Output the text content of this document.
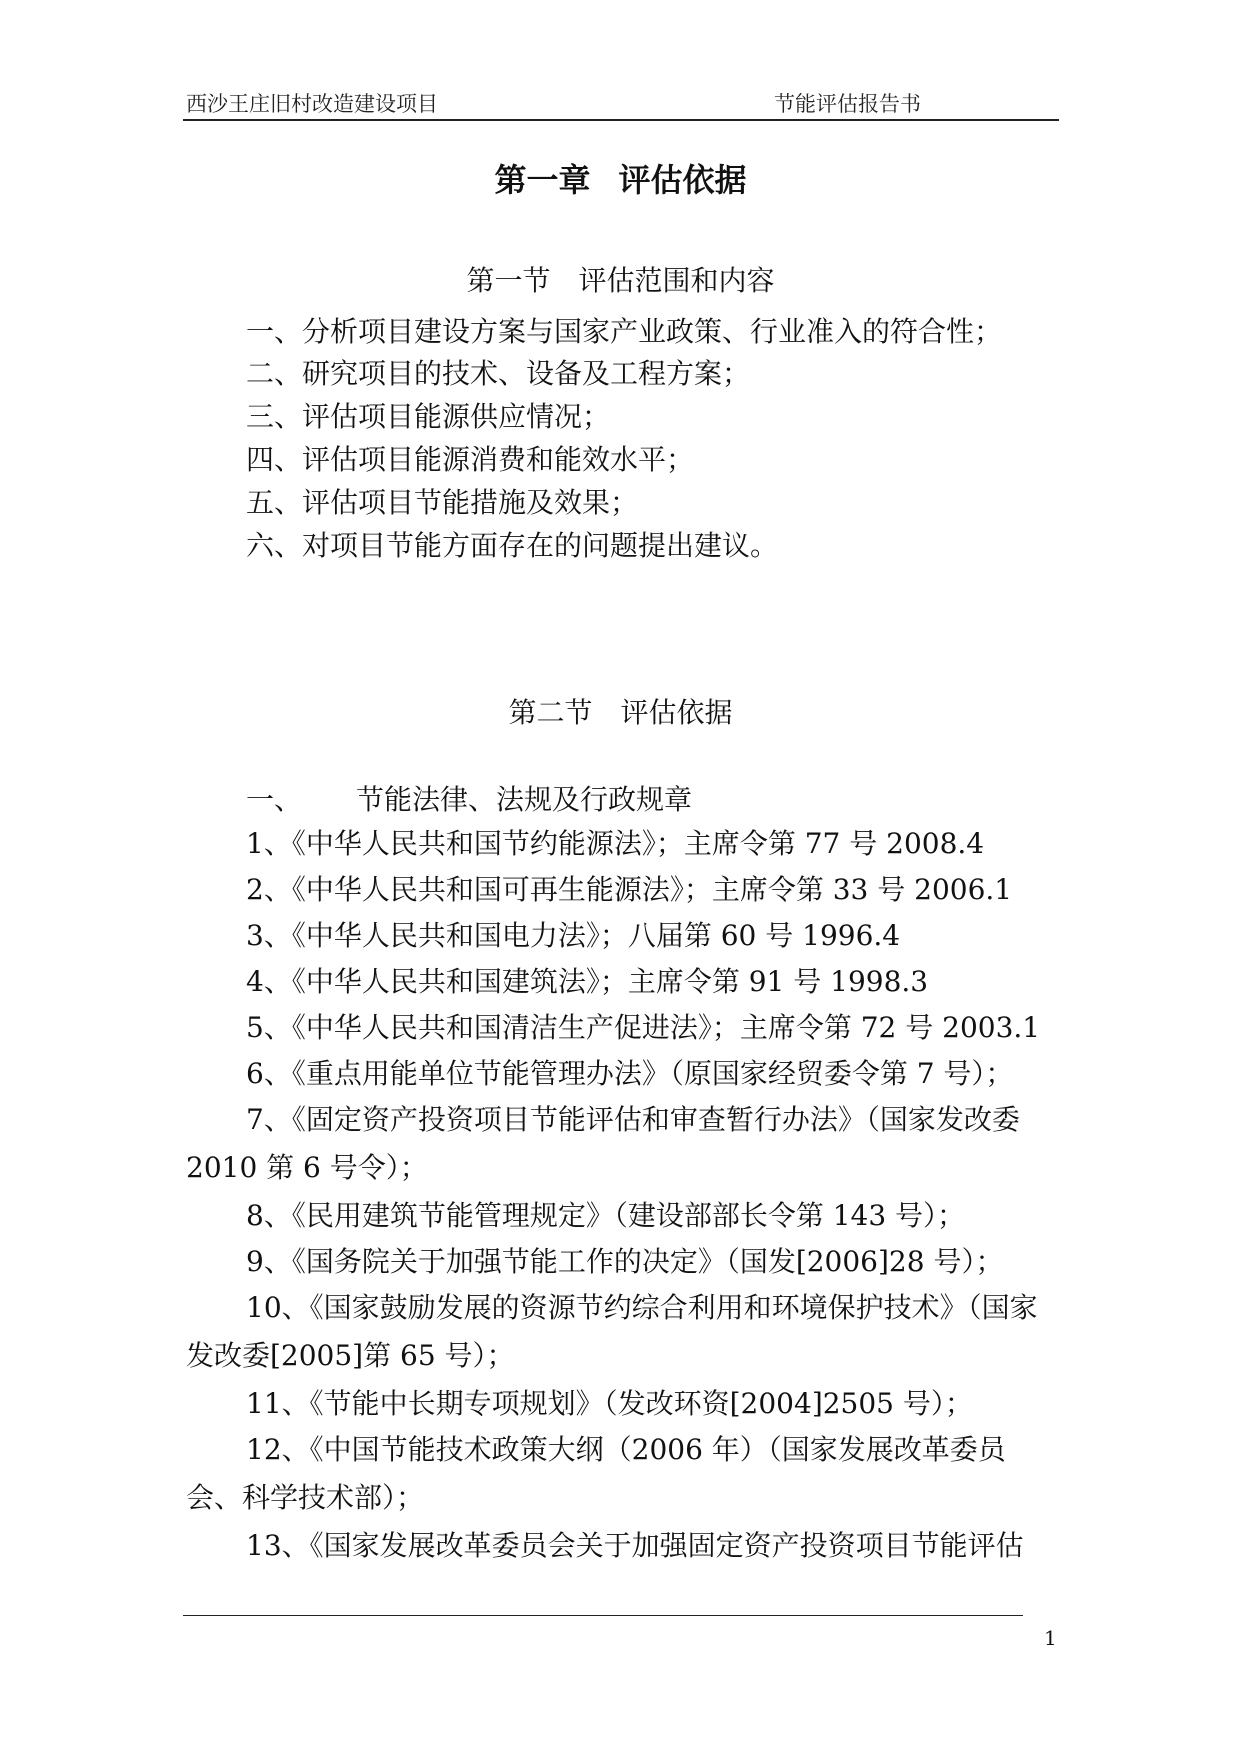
西沙王庄旧村改造建设项目	节能评估报告书
第一章 评估依据
第一节 评估范围和内容

一、分析项目建设方案与国家产业政策、行业准入的符合性；

二、研究项目的技术、设备及工程方案；

三、评估项目能源供应情况；

四、评估项目能源消费和能效水平；

五、评估项目节能措施及效果；

六、对项目节能方面存在的问题提出建议。

第二节 评估依据

一、 节能法律、法规及行政规章

1、《中华人民共和国节约能源法》；主席令第 77 号 2008.4

2、《中华人民共和国可再生能源法》；主席令第 33 号 2006.1

3、《中华人民共和国电力法》；八届第 60 号 1996.4

4、《中华人民共和国建筑法》；主席令第 91 号 1998.3

5、《中华人民共和国清洁生产促进法》；主席令第 72 号 2003.1

6、《重点用能单位节能管理办法》（原国家经贸委令第 7 号）；

7、《固定资产投资项目节能评估和审查暂行办法》（国家发改委 2010 第 6 号令）；

8、《民用建筑节能管理规定》（建设部部长令第 143 号）；

9、《国务院关于加强节能工作的决定》（国发[2006]28 号）；

10、《国家鼓励发展的资源节约综合利用和环境保护技术》（国家发改委[2005]第 65 号）；

11、《节能中长期专项规划》（发改环资[2004]2505 号）；

12、《中国节能技术政策大纲（2006 年）（国家发展改革委员会、科学技术部）；

13、《国家发展改革委员会关于加强固定资产投资项目节能评估

1
